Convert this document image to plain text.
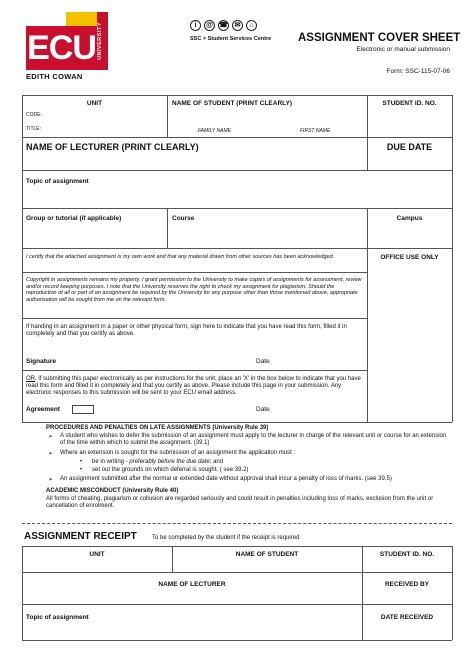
ECU UNIVERSITY
EDITH COWAN
i	@ ☎ ✉	⌂
SSC > Student Services Centre ASSIGNMENT COVER SHEET
Electronic or manual submission
Form: SSC-115-07-06
UNIT
CODE:
TITLE:
NAME OF STUDENT (PRINT CLEARLY)
FAMILY NAME	FIRST NAME
STUDENT ID. NO.
NAME OF LECTURER (PRINT CLEARLY)	DUE DATE
Topic of assignment
Group or tutorial (if applicable)	Course	Campus
I certify that the attached assignment is my own work and that any material drawn from other sources has been acknowledged.
Copyright in assignments remains my property. I grant permission to the University to make copies of assignments for assessment, review and/or record keeping purposes. I note that the University reserves the right to check my assignment for plagiarism. Should the reproduction of all or part of an assignment be required by the University for any purpose other than those mentioned above, appropriate authorisation will be sought from me on the relevant form.
If handing in an assignment in a paper or other physical form, sign here to indicate that you have read this form, filled it in completely and that you certify as above.
Signature	Date
OR, if submitting this paper electronically as per instructions for the unit, place an 'X' in the box below to indicate that you have read this form and filled it in completely and that you certify as above. Please include this page in your submission. Any electronic responses to this submission will be sent to your ECU email address.
Agreement	Date
OFFICE USE ONLY
PROCEDURES AND PENALTIES ON LATE ASSIGNMENTS (University Rule 39)
➢ A student who wishes to defer the submission of an assignment must apply to the lecturer in charge of the relevant unit or course for an extension of the time within which to submit the assignment. (39.1)
➢ Where an extension is sought for the submission of an assignment the application must :
• be in writing - preferably before the due date; and
• set out the grounds on which deferral is sought. ( see 39.2)
➢ An assignment submitted after the normal or extended date without approval shall incur a penalty of loss of marks. (see 39.5)
ACADEMIC MISCONDUCT (University Rule 40)
All forms of cheating, plagiarism or collusion are regarded seriously and could result in penalties including loss of marks, exclusion from the unit or cancellation of enrolment.
ASSIGNMENT RECEIPT	To be completed by the student if the receipt is required
UNIT	NAME OF STUDENT	STUDENT ID. NO.
NAME OF LECTURER	RECEIVED BY
Topic of assignment	DATE RECEIVED
